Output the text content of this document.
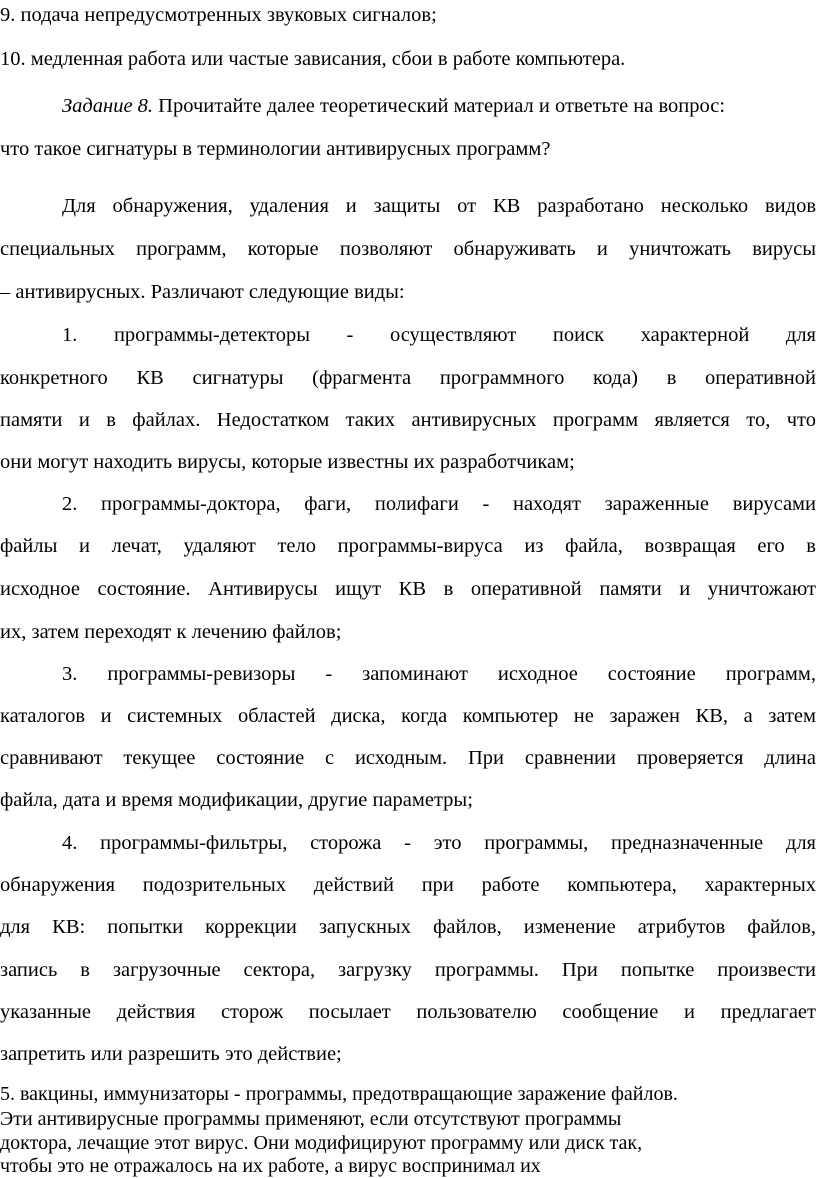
9. подача непредусмотренных звуковых сигналов;
10. медленная работа или частые зависания, сбои в работе компьютера.
Задание 8. Прочитайте далее теоретический материал и ответьте на вопрос:
что такое сигнатуры в терминологии антивирусных программ?
Для обнаружения, удаления и защиты от КВ разработано несколько видов
специальных программ, которые позволяют обнаруживать и уничтожать вирусы
– антивирусных. Различают следующие виды:
1. программы-детекторы - осуществляют поиск характерной для
конкретного КВ сигнатуры (фрагмента программного кода) в оперативной
памяти и в файлах. Недостатком таких антивирусных программ является то, что
они могут находить вирусы, которые известны их разработчикам;
2. программы-доктора, фаги, полифаги - находят зараженные вирусами
файлы и лечат, удаляют тело программы-вируса из файла, возвращая его в
исходное состояние. Антивирусы ищут КВ в оперативной памяти и уничтожают
их, затем переходят к лечению файлов;
3. программы-ревизоры - запоминают исходное состояние программ,
каталогов и системных областей диска, когда компьютер не заражен КВ, а затем
сравнивают текущее состояние с исходным. При сравнении проверяется длина
файла, дата и время модификации, другие параметры;
4. программы-фильтры, сторожа - это программы, предназначенные для
обнаружения подозрительных действий при работе компьютера, характерных
для КВ: попытки коррекции запускных файлов, изменение атрибутов файлов,
запись в загрузочные сектора, загрузку программы. При попытке произвести
указанные действия сторож посылает пользователю сообщение и предлагает
запретить или разрешить это действие;
5. вакцины, иммунизаторы - программы, предотвращающие заражение файлов.
Эти антивирусные программы применяют, если отсутствуют программы
доктора, лечащие этот вирус. Они модифицируют программу или диск так,
чтобы это не отражалось на их работе, а вирус воспринимал их
